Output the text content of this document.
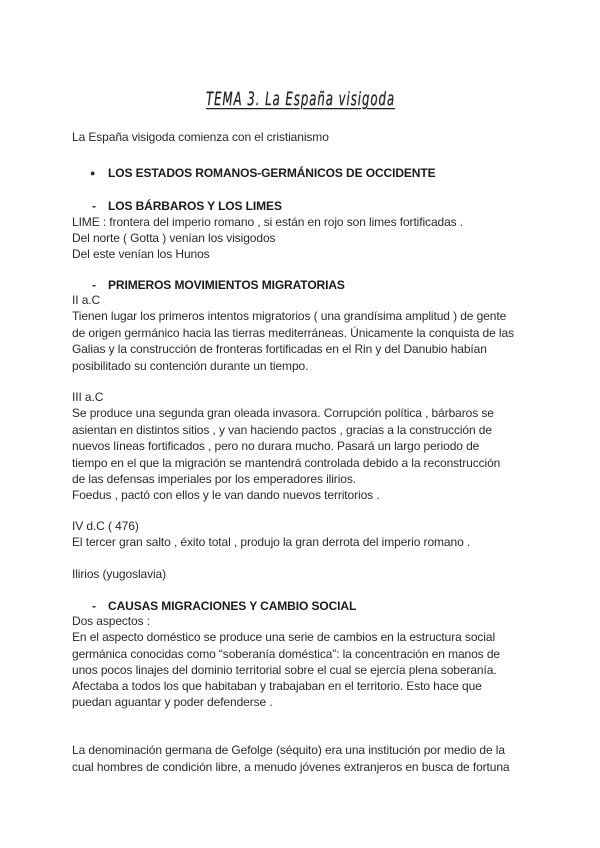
TEMA 3. La España visigoda
La España visigoda comienza con el cristianismo
● LOS ESTADOS ROMANOS-GERMÁNICOS DE OCCIDENTE
- LOS BÁRBAROS Y LOS LIMES
LIME : frontera del imperio romano , si están en rojo son limes fortificadas .
Del norte ( Gotta ) venían los visigodos
Del este venían los Hunos
- PRIMEROS MOVIMIENTOS MIGRATORIAS
II a.C
Tienen lugar los primeros intentos migratorios ( una grandísima amplitud ) de gente
de origen germánico hacia las tierras mediterráneas. Únicamente la conquista de las
Galias y la construcción de fronteras fortificadas en el Rin y del Danubio habían
posibilitado su contención durante un tiempo.
III a.C
Se produce una segunda gran oleada invasora. Corrupción política , bárbaros se
asientan en distintos sitios , y van haciendo pactos , gracias a la construcción de
nuevos líneas fortificados , pero no durara mucho. Pasará un largo periodo de
tiempo en el que la migración se mantendrá controlada debido a la reconstrucción
de las defensas imperiales por los emperadores ilirios.
Foedus , pactó con ellos y le van dando nuevos territorios .
IV d.C ( 476)
El tercer gran salto , éxito total , produjo la gran derrota del imperio romano .
Ilirios (yugoslavia)
- CAUSAS MIGRACIONES Y CAMBIO SOCIAL
Dos aspectos :
En el aspecto doméstico se produce una serie de cambios en la estructura social
germánica conocidas como “soberanía doméstica”: la concentración en manos de
unos pocos linajes del dominio territorial sobre el cual se ejercía plena soberanía.
Afectaba a todos los que habitaban y trabajaban en el territorio. Esto hace que
puedan aguantar y poder defenderse .
La denominación germana de Gefolge (séquito) era una institución por medio de la
cual hombres de condición libre, a menudo jóvenes extranjeros en busca de fortuna
